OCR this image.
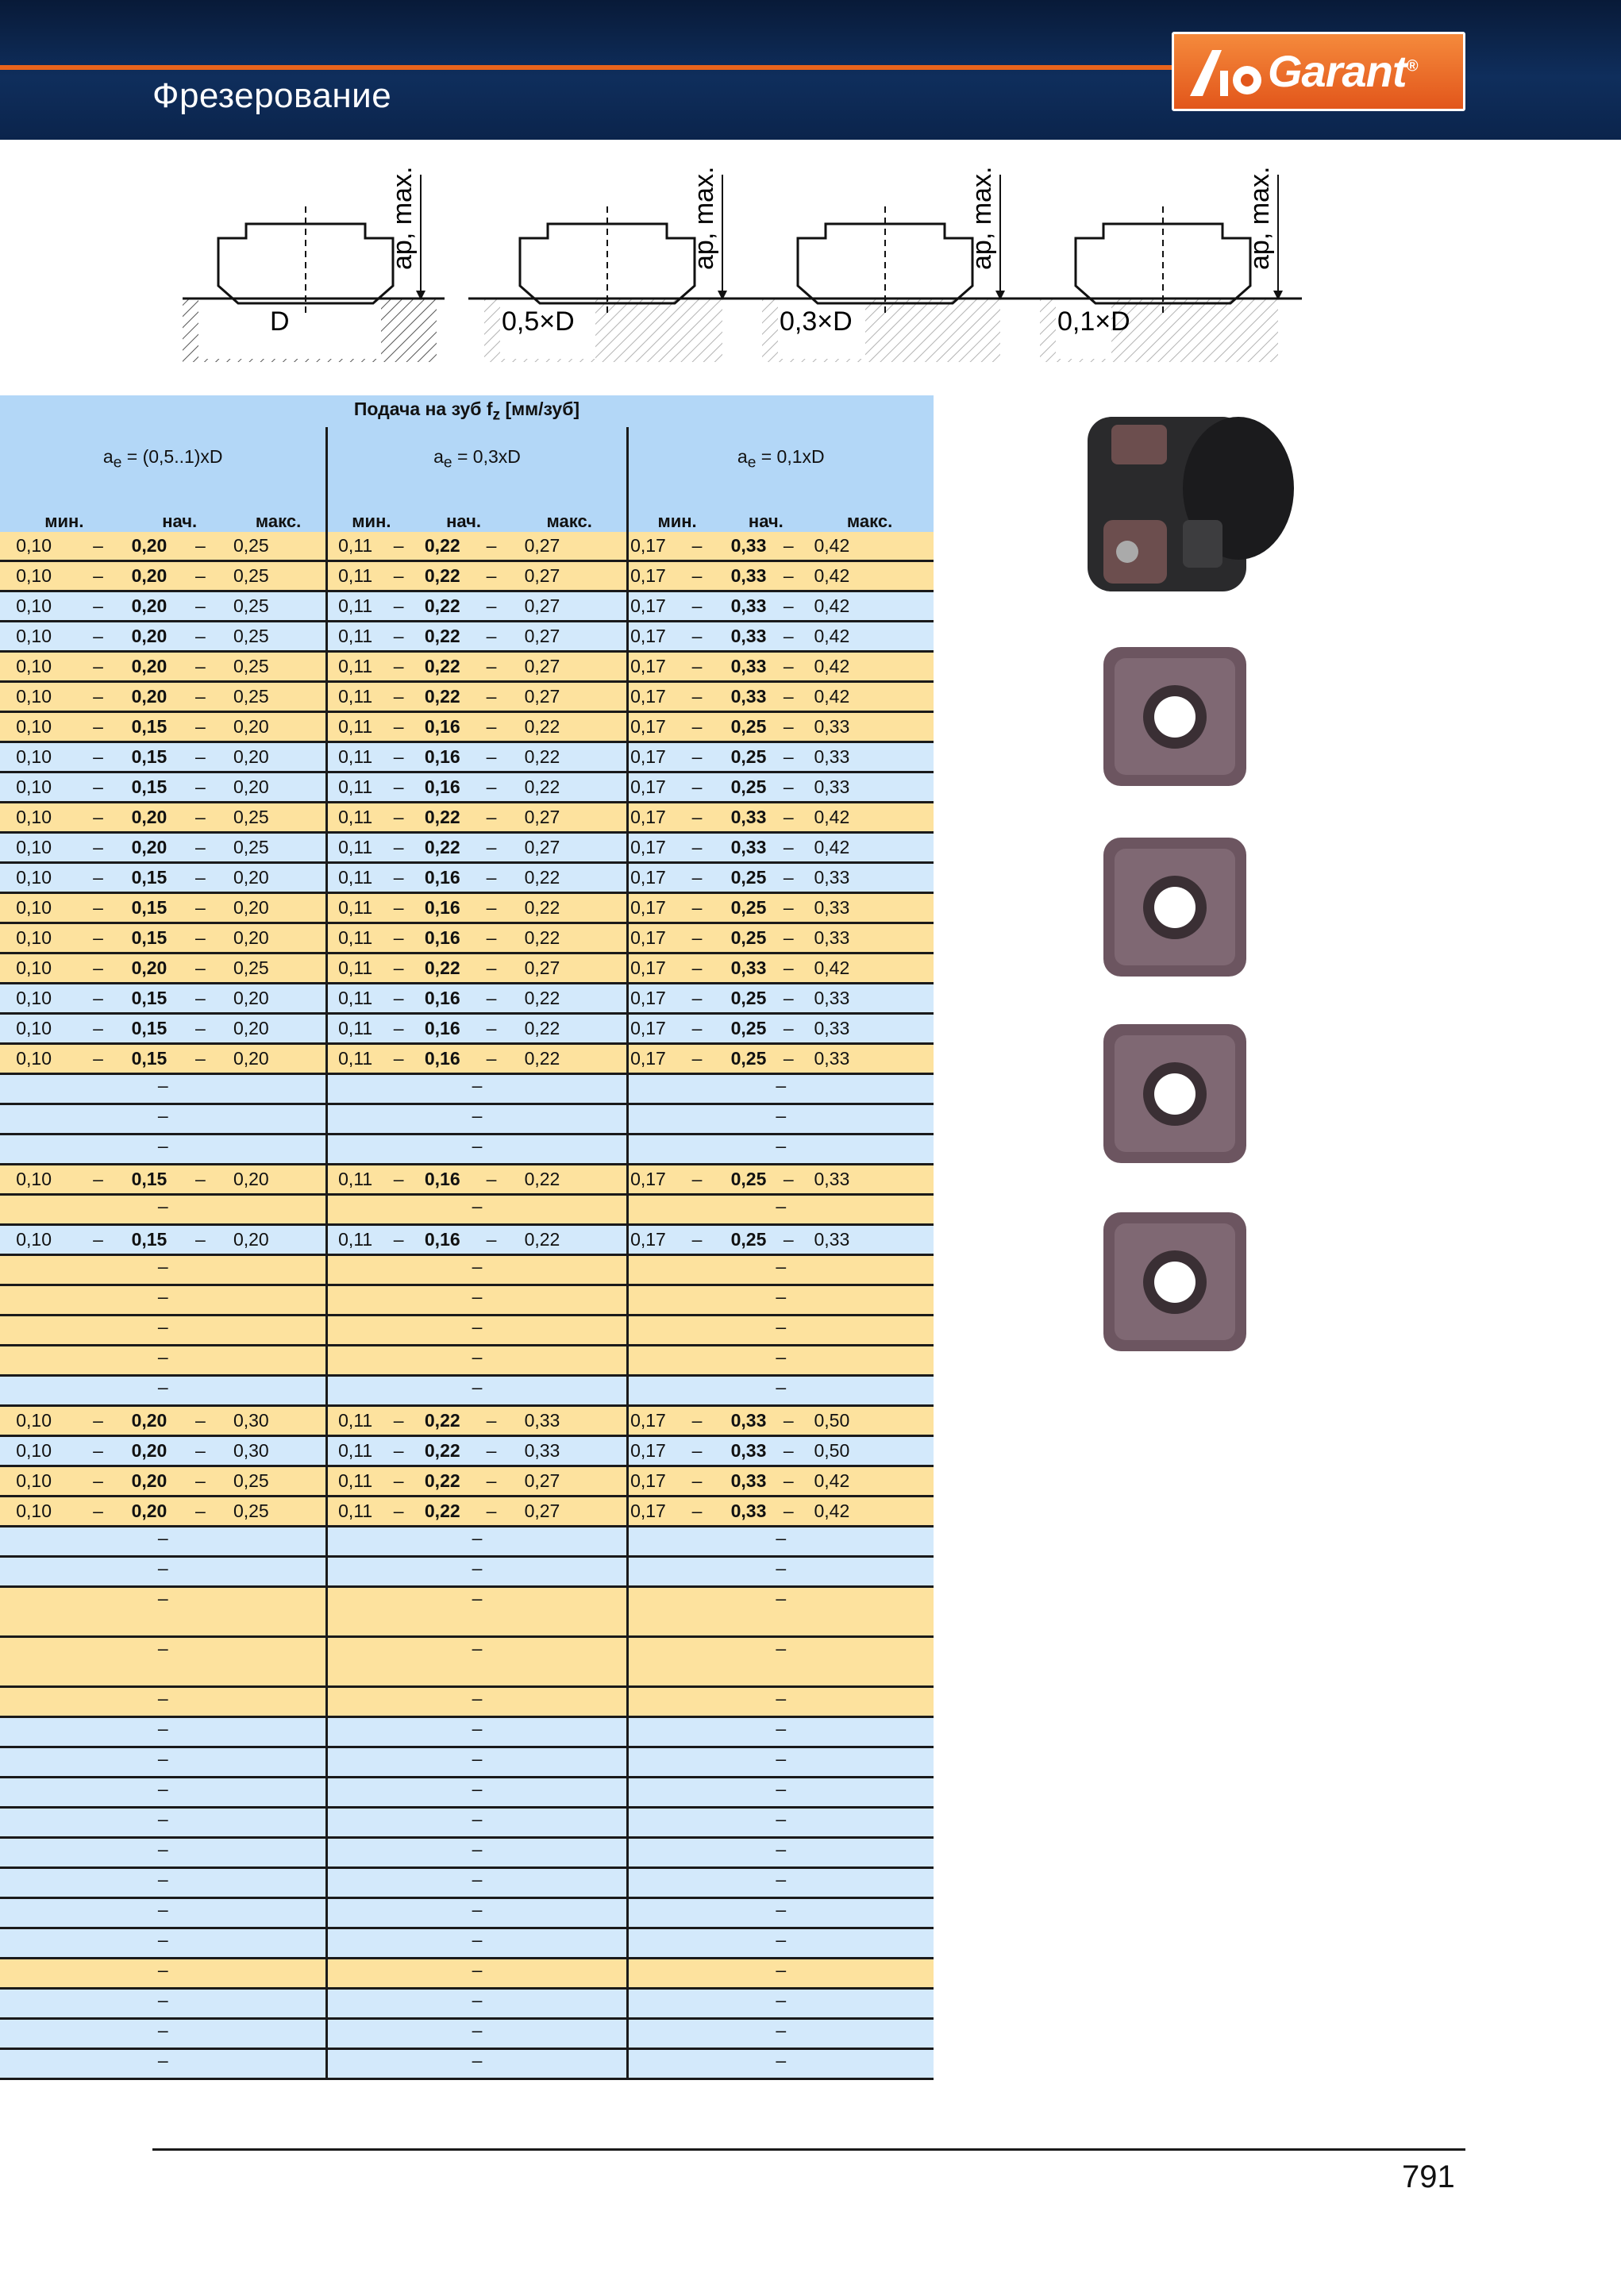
Фрезерование	Garant®
ap, max.
D
ap, max.
0,5×D
ap, max.
0,3×D
ap, max.
0,1×D
Подача на зуб $f_z$ [мм/зуб]																	
$a_e = (0,5..1)xD$						$a_e = 0,3xD$						$a_e = 0,1xD$					
мин.		нач.		макс.		мин.		нач.		макс.		мин.		нач.		макс.	
0,10	–	0,20	–	0,25		0,11	–	0,22	–	0,27		0,17	–	0,33	–	0,42	
0,10	–	0,20	–	0,25		0,11	–	0,22	–	0,27		0,17	–	0,33	–	0,42	
0,10	–	0,20	–	0,25		0,11	–	0,22	–	0,27		0,17	–	0,33	–	0,42	
0,10	–	0,20	–	0,25		0,11	–	0,22	–	0,27		0,17	–	0,33	–	0,42	
0,10	–	0,20	–	0,25		0,11	–	0,22	–	0,27		0,17	–	0,33	–	0,42	
0,10	–	0,20	–	0,25		0,11	–	0,22	–	0,27		0,17	–	0,33	–	0,42	
0,10	–	0,15	–	0,20		0,11	–	0,16	–	0,22		0,17	–	0,25	–	0,33	
0,10	–	0,15	–	0,20		0,11	–	0,16	–	0,22		0,17	–	0,25	–	0,33	
0,10	–	0,15	–	0,20		0,11	–	0,16	–	0,22		0,17	–	0,25	–	0,33	
0,10	–	0,20	–	0,25		0,11	–	0,22	–	0,27		0,17	–	0,33	–	0,42	
0,10	–	0,20	–	0,25		0,11	–	0,22	–	0,27		0,17	–	0,33	–	0,42	
0,10	–	0,15	–	0,20		0,11	–	0,16	–	0,22		0,17	–	0,25	–	0,33	
0,10	–	0,15	–	0,20		0,11	–	0,16	–	0,22		0,17	–	0,25	–	0,33	
0,10	–	0,15	–	0,20		0,11	–	0,16	–	0,22		0,17	–	0,25	–	0,33	
0,10	–	0,20	–	0,25		0,11	–	0,22	–	0,27		0,17	–	0,33	–	0,42	
0,10	–	0,15	–	0,20		0,11	–	0,16	–	0,22		0,17	–	0,25	–	0,33	
0,10	–	0,15	–	0,20		0,11	–	0,16	–	0,22		0,17	–	0,25	–	0,33	
0,10	–	0,15	–	0,20		0,11	–	0,16	–	0,22		0,17	–	0,25	–	0,33	
–						–						–					
–						–						–					
–						–						–					
0,10	–	0,15	–	0,20		0,11	–	0,16	–	0,22		0,17	–	0,25	–	0,33	
–						–						–					
0,10	–	0,15	–	0,20		0,11	–	0,16	–	0,22		0,17	–	0,25	–	0,33	
–						–						–					
–						–						–					
–						–						–					
–						–						–					
–						–						–					
0,10	–	0,20	–	0,30		0,11	–	0,22	–	0,33		0,17	–	0,33	–	0,50	
0,10	–	0,20	–	0,30		0,11	–	0,22	–	0,33		0,17	–	0,33	–	0,50	
0,10	–	0,20	–	0,25		0,11	–	0,22	–	0,27		0,17	–	0,33	–	0,42	
0,10	–	0,20	–	0,25		0,11	–	0,22	–	0,27		0,17	–	0,33	–	0,42	
–						–						–					
–						–						–					
–						–						–					
–						–						–					
–						–						–					
–						–						–					
–						–						–					
–						–						–					
–						–						–					
–						–						–					
–						–						–					
–						–						–					
–						–						–					
–						–						–					
–						–						–					
–						–						–					
–						–						–					
791
